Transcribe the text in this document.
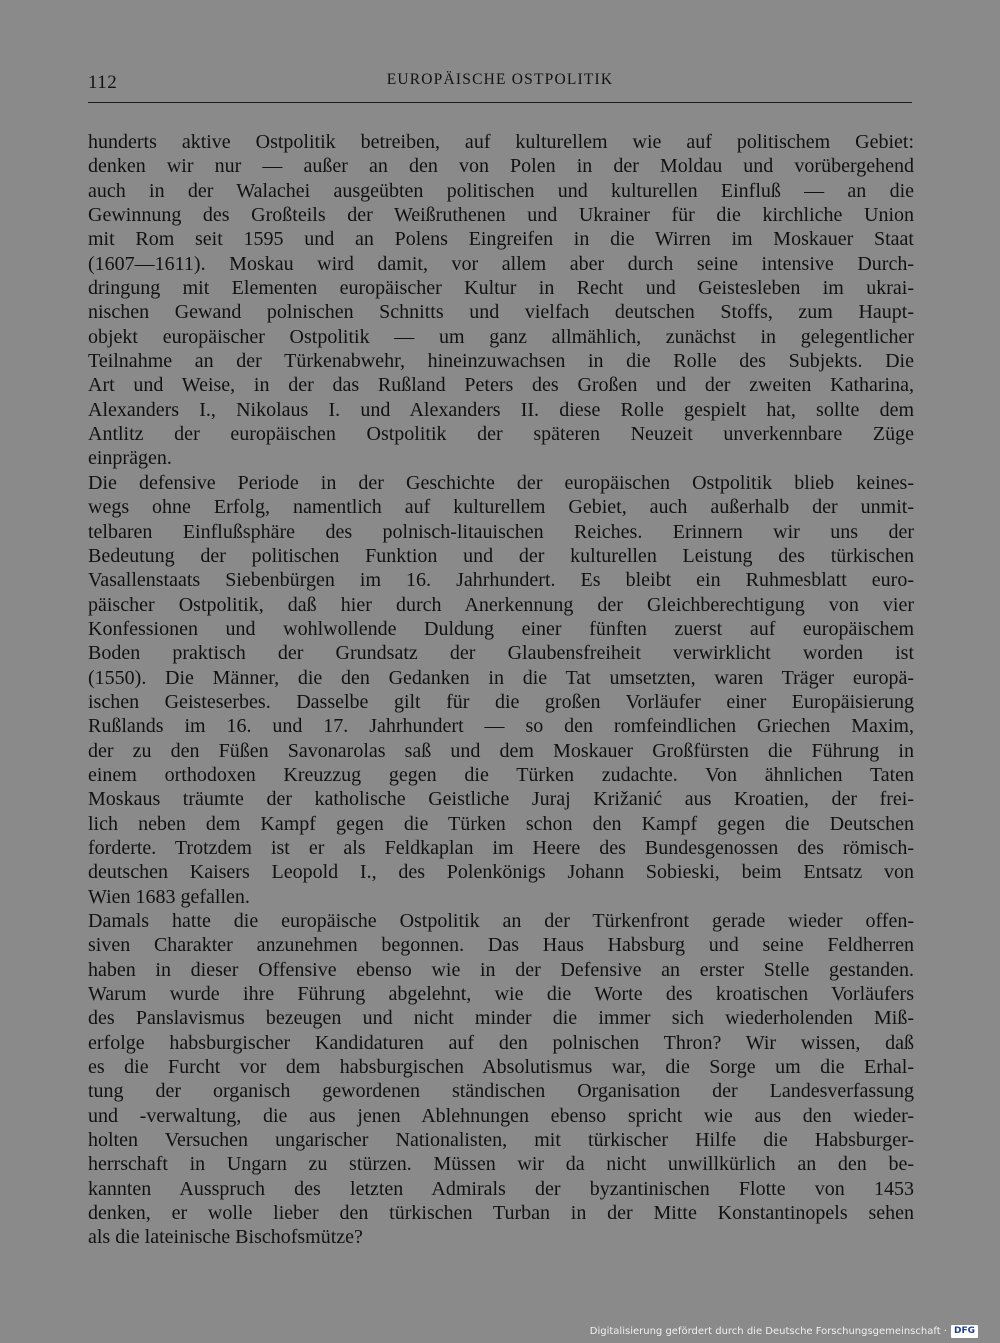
112	EUROPÄISCHE OSTPOLITIK
hunderts aktive Ostpolitik betreiben, auf kulturellem wie auf politischem Gebiet:
denken wir nur — außer an den von Polen in der Moldau und vorübergehend
auch in der Walachei ausgeübten politischen und kulturellen Einfluß — an die
Gewinnung des Großteils der Weißruthenen und Ukrainer für die kirchliche Union
mit Rom seit 1595 und an Polens Eingreifen in die Wirren im Moskauer Staat
(1607—1611). Moskau wird damit, vor allem aber durch seine intensive Durch-
dringung mit Elementen europäischer Kultur in Recht und Geistesleben im ukrai-
nischen Gewand polnischen Schnitts und vielfach deutschen Stoffs, zum Haupt-
objekt europäischer Ostpolitik — um ganz allmählich, zunächst in gelegentlicher
Teilnahme an der Türkenabwehr, hineinzuwachsen in die Rolle des Subjekts. Die
Art und Weise, in der das Rußland Peters des Großen und der zweiten Katharina,
Alexanders I., Nikolaus I. und Alexanders II. diese Rolle gespielt hat, sollte dem
Antlitz der europäischen Ostpolitik der späteren Neuzeit unverkennbare Züge
einprägen.
Die defensive Periode in der Geschichte der europäischen Ostpolitik blieb keines-
wegs ohne Erfolg, namentlich auf kulturellem Gebiet, auch außerhalb der unmit-
telbaren Einflußsphäre des polnisch-litauischen Reiches. Erinnern wir uns der
Bedeutung der politischen Funktion und der kulturellen Leistung des türkischen
Vasallenstaats Siebenbürgen im 16. Jahrhundert. Es bleibt ein Ruhmesblatt euro-
päischer Ostpolitik, daß hier durch Anerkennung der Gleichberechtigung von vier
Konfessionen und wohlwollende Duldung einer fünften zuerst auf europäischem
Boden praktisch der Grundsatz der Glaubensfreiheit verwirklicht worden ist
(1550). Die Männer, die den Gedanken in die Tat umsetzten, waren Träger europä-
ischen Geisteserbes. Dasselbe gilt für die großen Vorläufer einer Europäisierung
Rußlands im 16. und 17. Jahrhundert — so den romfeindlichen Griechen Maxim,
der zu den Füßen Savonarolas saß und dem Moskauer Großfürsten die Führung in
einem orthodoxen Kreuzzug gegen die Türken zudachte. Von ähnlichen Taten
Moskaus träumte der katholische Geistliche Juraj Križanić aus Kroatien, der frei-
lich neben dem Kampf gegen die Türken schon den Kampf gegen die Deutschen
forderte. Trotzdem ist er als Feldkaplan im Heere des Bundesgenossen des römisch-
deutschen Kaisers Leopold I., des Polenkönigs Johann Sobieski, beim Entsatz von
Wien 1683 gefallen.
Damals hatte die europäische Ostpolitik an der Türkenfront gerade wieder offen-
siven Charakter anzunehmen begonnen. Das Haus Habsburg und seine Feldherren
haben in dieser Offensive ebenso wie in der Defensive an erster Stelle gestanden.
Warum wurde ihre Führung abgelehnt, wie die Worte des kroatischen Vorläufers
des Panslavismus bezeugen und nicht minder die immer sich wiederholenden Miß-
erfolge habsburgischer Kandidaturen auf den polnischen Thron? Wir wissen, daß
es die Furcht vor dem habsburgischen Absolutismus war, die Sorge um die Erhal-
tung der organisch gewordenen ständischen Organisation der Landesverfassung
und -verwaltung, die aus jenen Ablehnungen ebenso spricht wie aus den wieder-
holten Versuchen ungarischer Nationalisten, mit türkischer Hilfe die Habsburger-
herrschaft in Ungarn zu stürzen. Müssen wir da nicht unwillkürlich an den be-
kannten Ausspruch des letzten Admirals der byzantinischen Flotte von 1453
denken, er wolle lieber den türkischen Turban in der Mitte Konstantinopels sehen
als die lateinische Bischofsmütze?
Digitalisierung gefördert durch die Deutsche Forschungsgemeinschaft · DFG
